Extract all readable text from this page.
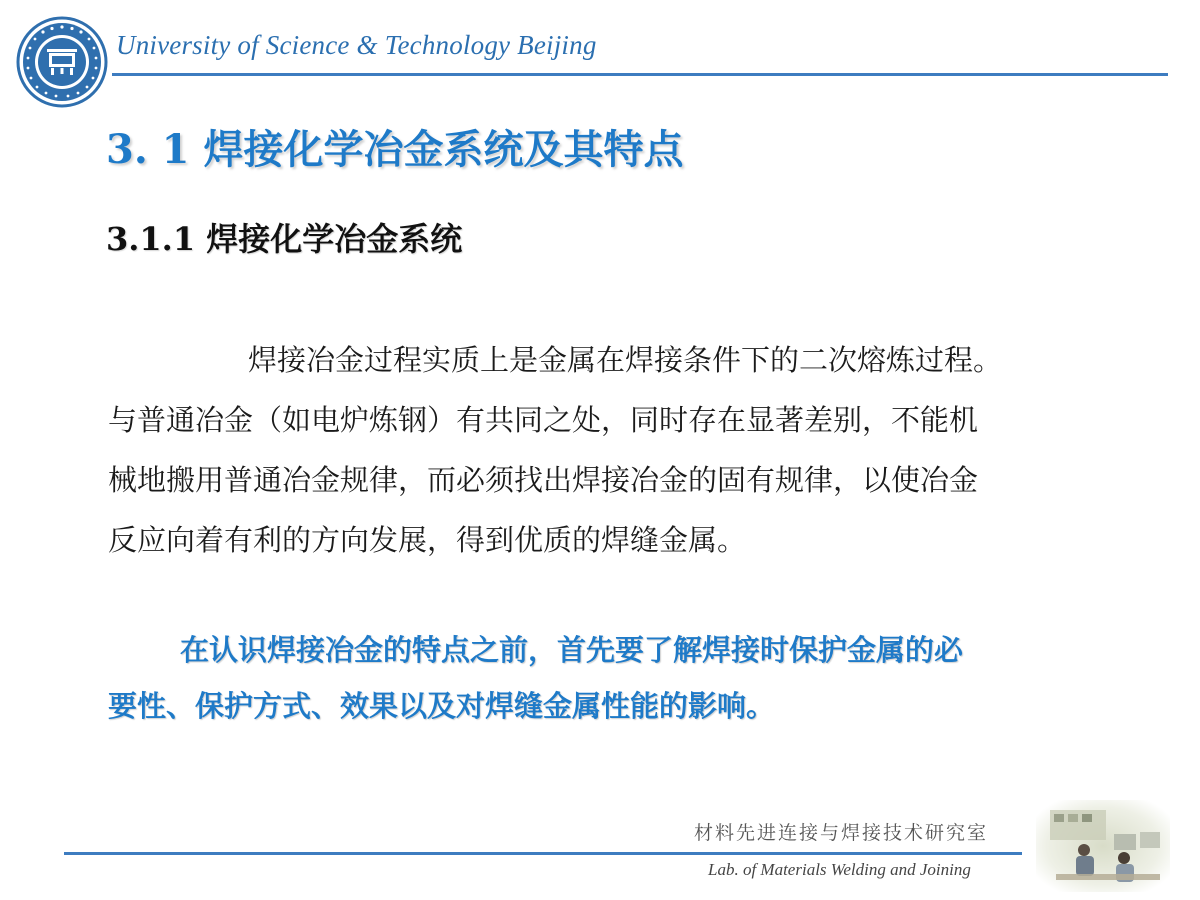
University of Science & Technology Beijing
3. 1 焊接化学冶金系统及其特点
3.1.1 焊接化学冶金系统
焊接冶金过程实质上是金属在焊接条件下的二次熔炼过程。
与普通冶金（如电炉炼钢）有共同之处，同时存在显著差别，不能机
械地搬用普通冶金规律，而必须找出焊接冶金的固有规律，以使冶金
反应向着有利的方向发展，得到优质的焊缝金属。
在认识焊接冶金的特点之前，首先要了解焊接时保护金属的必
要性、保护方式、效果以及对焊缝金属性能的影响。
材料先进连接与焊接技术研究室
Lab. of Materials Welding and Joining
